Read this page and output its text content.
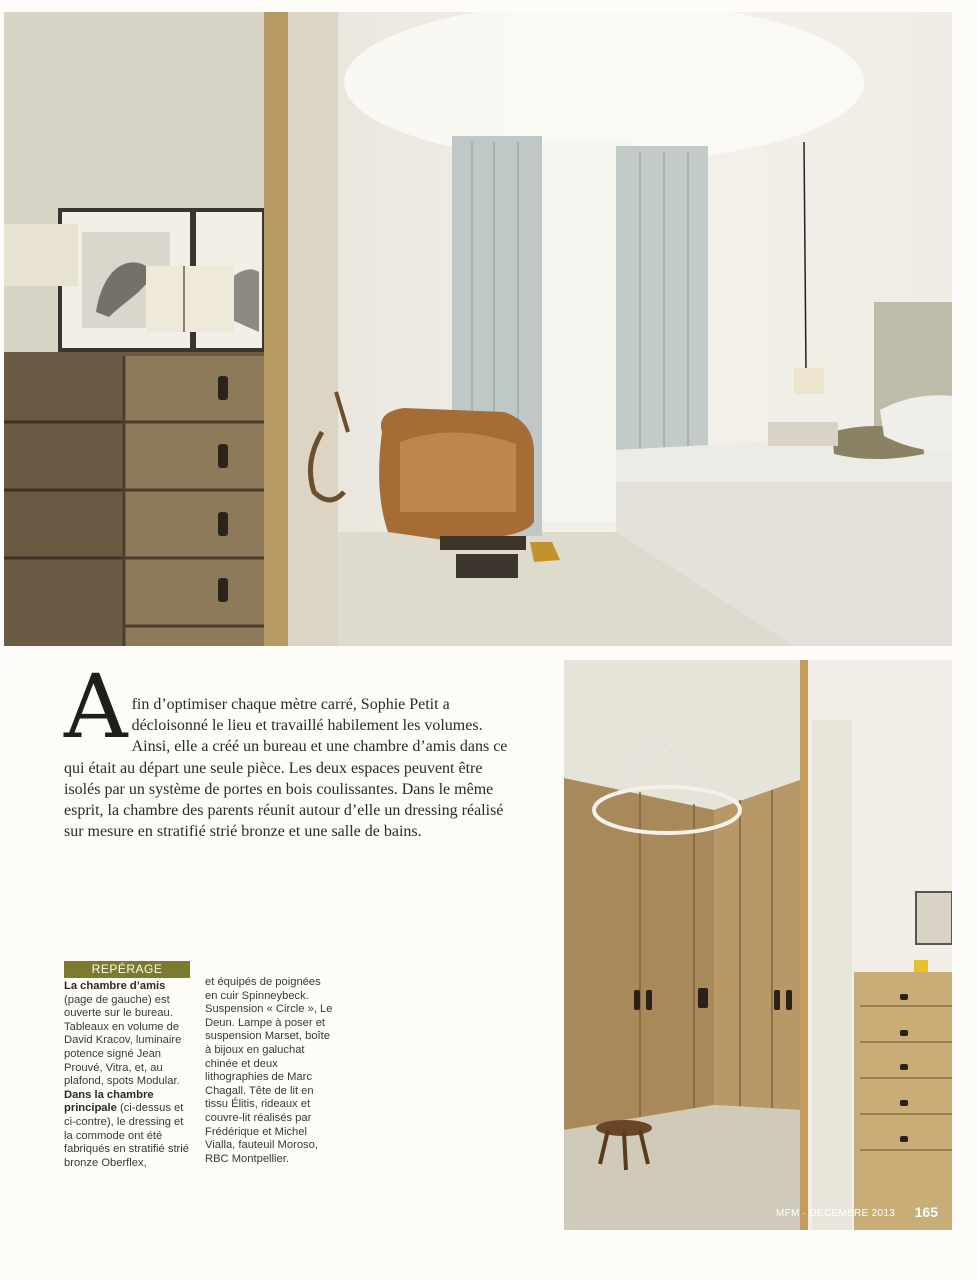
A fin d’optimiser chaque mètre carré, Sophie Petit a décloisonné le lieu et travaillé habilement les volumes. Ainsi, elle a créé un bureau et une chambre d’amis dans ce qui était au départ une seule pièce. Les deux espaces peuvent être isolés par un système de portes en bois coulissantes. Dans le même esprit, la chambre des parents réunit autour d’elle un dressing réalisé sur mesure en stratifié strié bronze et une salle de bains.

MFM · DÉCEMBRE 2013 165
REPÉRAGE
La chambre d’amis (page de gauche) est ouverte sur le bureau. Tableaux en volume de David Kracov, luminaire potence signé Jean Prouvé, Vitra, et, au plafond, spots Modular. Dans la chambre principale (ci-dessus et ci-contre), le dressing et la commode ont été fabriqués en stratifié strié bronze Oberflex,
et équipés de poignées en cuir Spinneybeck. Suspension « Circle », Le Deun. Lampe à poser et suspension Marset, boîte à bijoux en galuchat chinée et deux lithographies de Marc Chagall. Tête de lit en tissu Élitis, rideaux et couvre-lit réalisés par Frédérique et Michel Vialla, fauteuil Moroso, RBC Montpellier.
